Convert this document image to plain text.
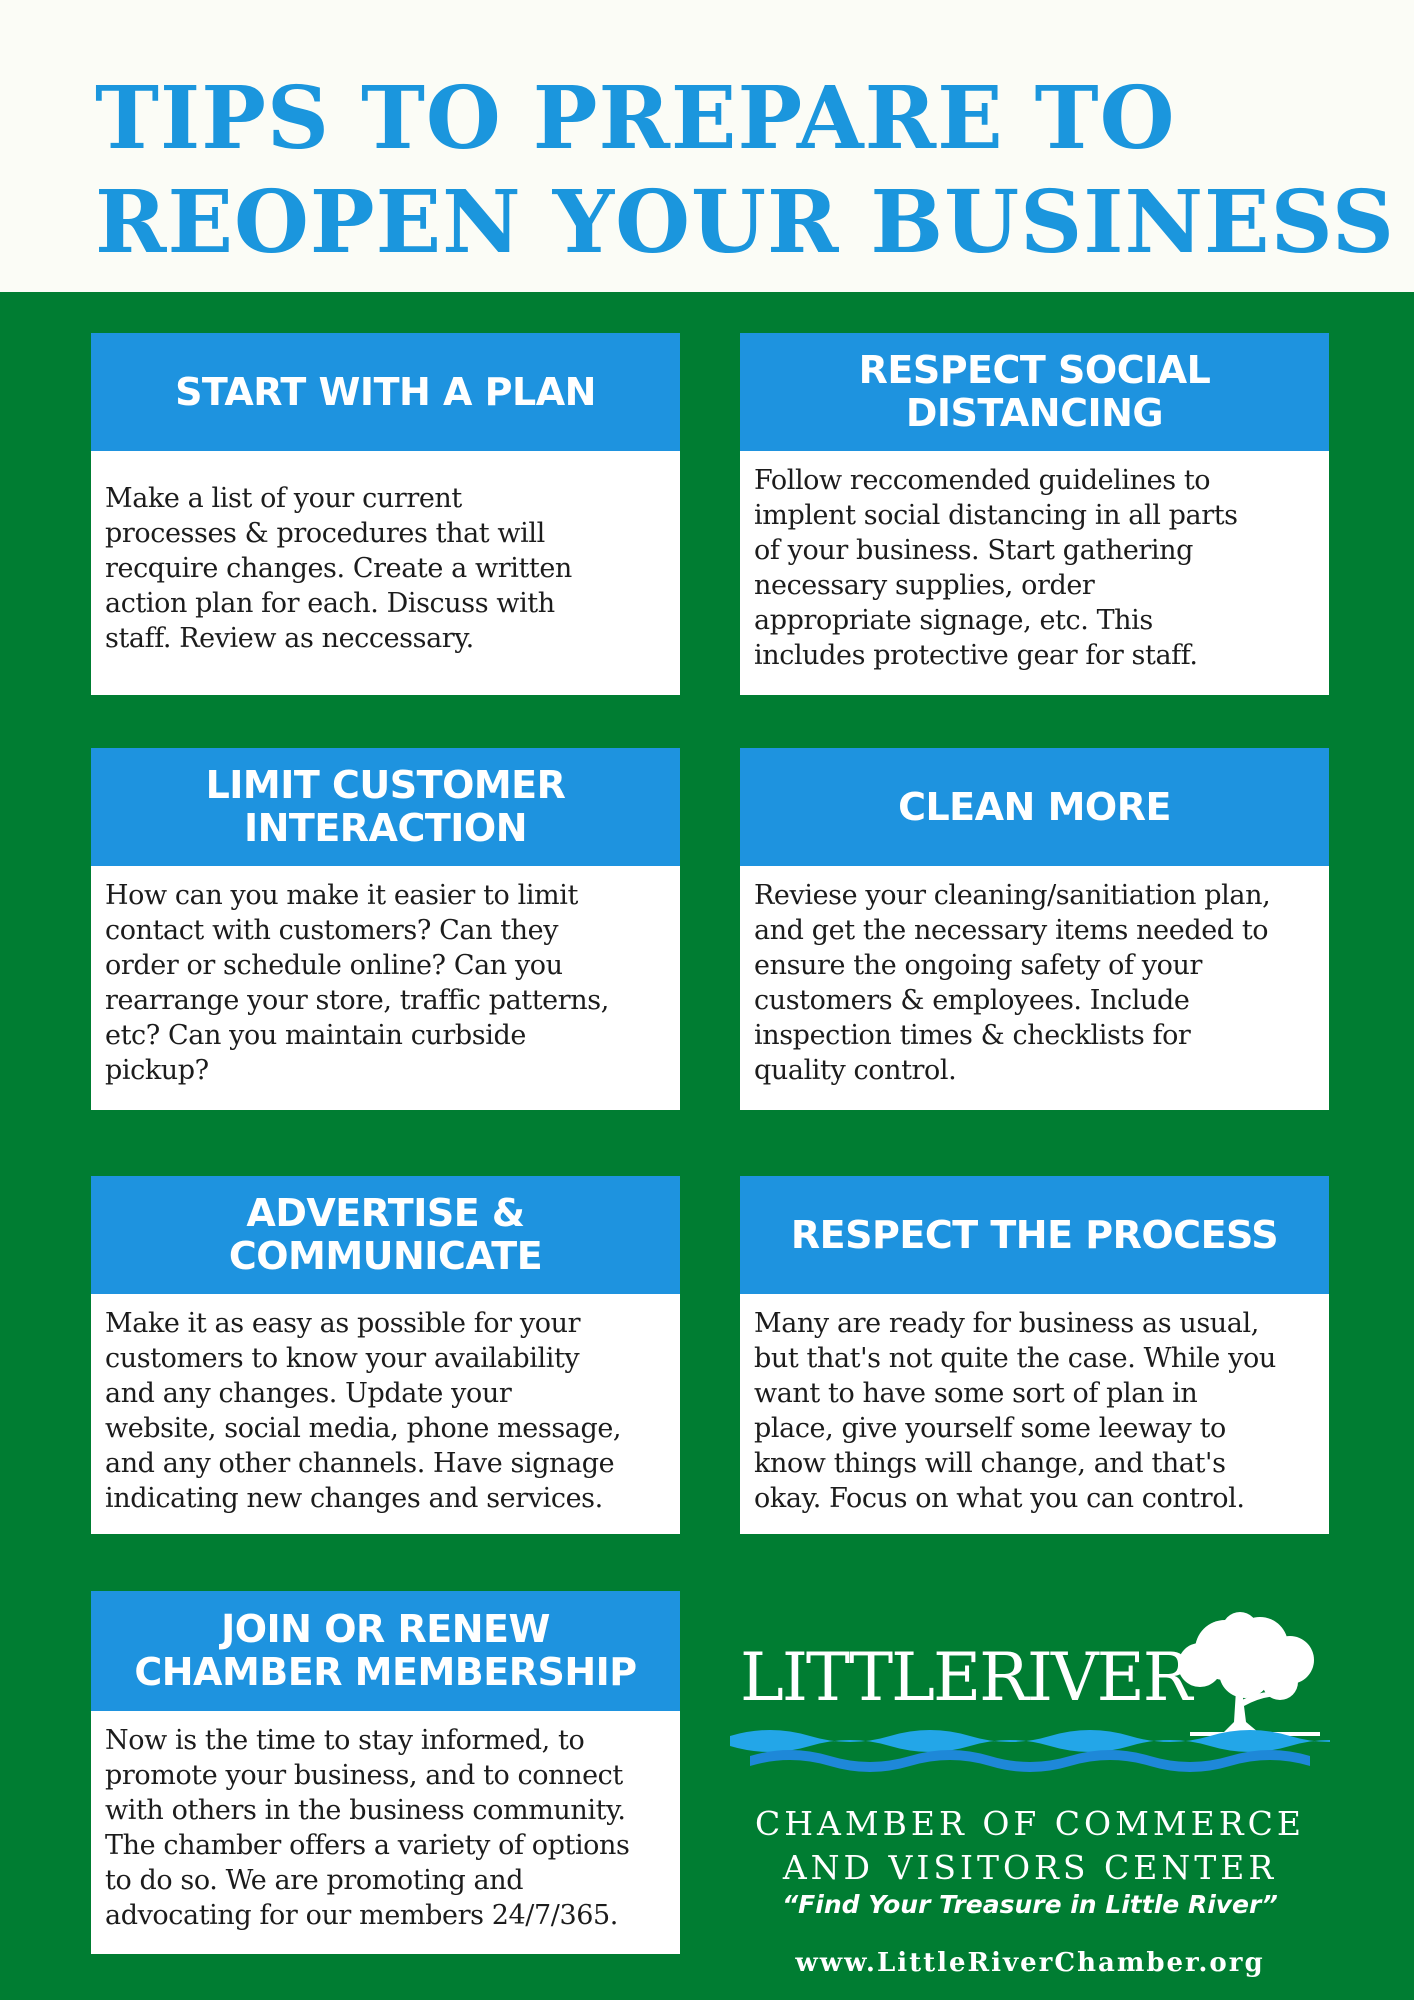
TIPS TO PREPARE TO
REOPEN YOUR BUSINESS
START WITH A PLAN

Make a list of your current
processes & procedures that will
recquire changes. Create a written
action plan for each. Discuss with
staff. Review as neccessary.

RESPECT SOCIAL
DISTANCING

Follow reccomended guidelines to
implent social distancing in all parts
of your business. Start gathering
necessary supplies, order
appropriate signage, etc. This
includes protective gear for staff.

LIMIT CUSTOMER
INTERACTION

How can you make it easier to limit
contact with customers? Can they
order or schedule online? Can you
rearrange your store, traffic patterns,
etc? Can you maintain curbside
pickup?

CLEAN MORE

Reviese your cleaning/sanitiation plan,
and get the necessary items needed to
ensure the ongoing safety of your
customers & employees. Include
inspection times & checklists for
quality control.

ADVERTISE &
COMMUNICATE

Make it as easy as possible for your
customers to know your availability
and any changes. Update your
website, social media, phone message,
and any other channels. Have signage
indicating new changes and services.

RESPECT THE PROCESS

Many are ready for business as usual,
but that's not quite the case. While you
want to have some sort of plan in
place, give yourself some leeway to
know things will change, and that's
okay. Focus on what you can control.

JOIN OR RENEW
CHAMBER MEMBERSHIP

Now is the time to stay informed, to
promote your business, and to connect
with others in the business community.
The chamber offers a variety of options
to do so. We are promoting and
advocating for our members 24/7/365.

LITTLERIVER
CHAMBER OF COMMERCE
AND VISITORS CENTER
“Find Your Treasure in Little River”
www.LittleRiverChamber.org
